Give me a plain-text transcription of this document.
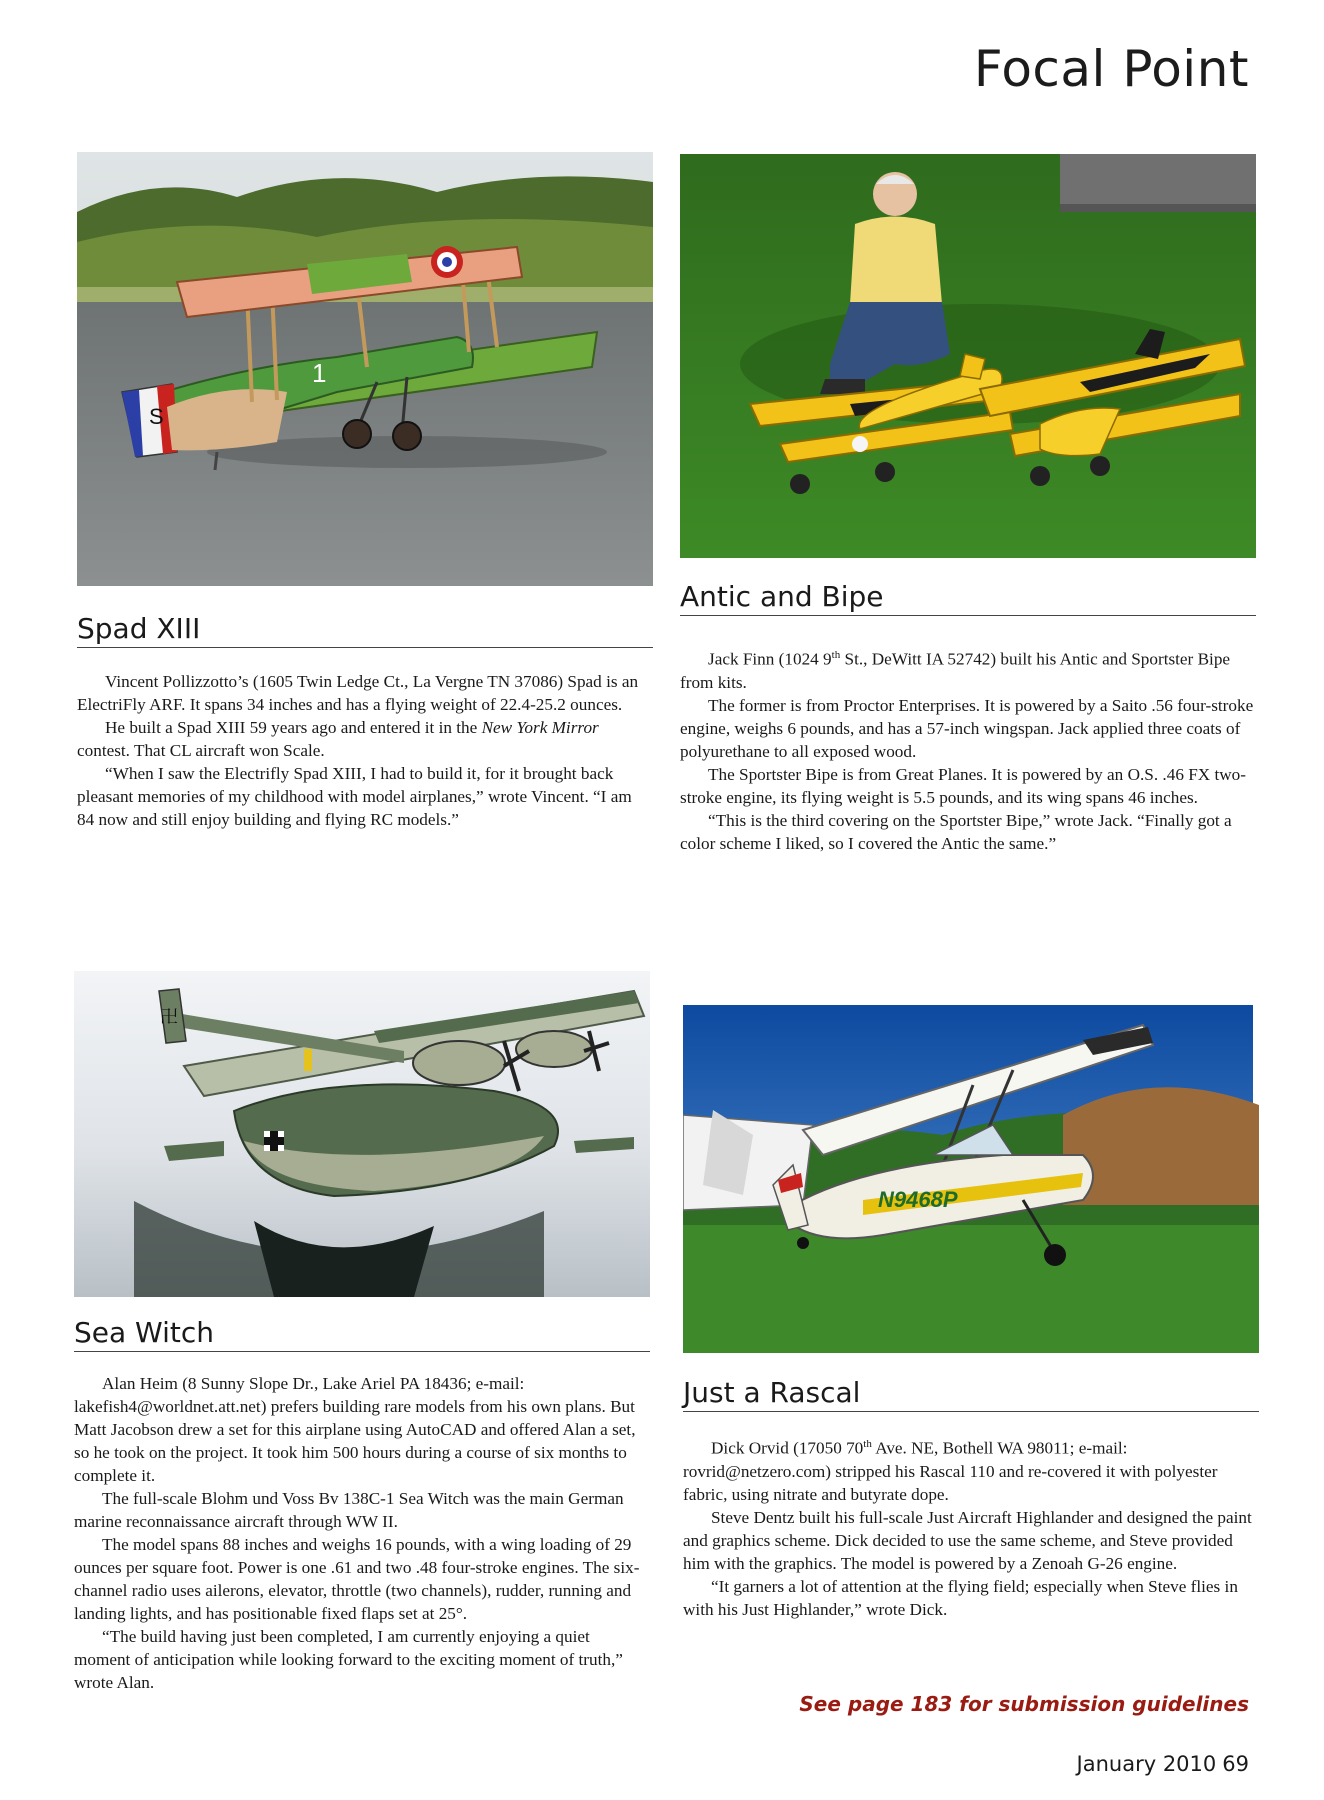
Focal Point
S
1
卍
N9468P
Spad XIII
Antic and Bipe
Sea Witch
Just a Rascal

Vincent Pollizzotto’s (1605 Twin Ledge Ct., La Vergne TN 37086) Spad is an ElectriFly ARF. It spans 34 inches and has a flying weight of 22.4-25.2 ounces.

He built a Spad XIII 59 years ago and entered it in the New York Mirror contest. That CL aircraft won Scale.

“When I saw the Electrifly Spad XIII, I had to build it, for it brought back pleasant memories of my childhood with model airplanes,” wrote Vincent. “I am 84 now and still enjoy building and flying RC models.”

Jack Finn (1024 9th St., DeWitt IA 52742) built his Antic and Sportster Bipe from kits.

The former is from Proctor Enterprises. It is powered by a Saito .56 four-stroke engine, weighs 6 pounds, and has a 57-inch wingspan. Jack applied three coats of polyurethane to all exposed wood.

The Sportster Bipe is from Great Planes. It is powered by an O.S. .46 FX two-stroke engine, its flying weight is 5.5 pounds, and its wing spans 46 inches.

“This is the third covering on the Sportster Bipe,” wrote Jack. “Finally got a color scheme I liked, so I covered the Antic the same.”

Alan Heim (8 Sunny Slope Dr., Lake Ariel PA 18436; e-mail: lakefish4@worldnet.att.net) prefers building rare models from his own plans. But Matt Jacobson drew a set for this airplane using AutoCAD and offered Alan a set, so he took on the project. It took him 500 hours during a course of six months to complete it.

The full-scale Blohm und Voss Bv 138C-1 Sea Witch was the main German marine reconnaissance aircraft through WW II.

The model spans 88 inches and weighs 16 pounds, with a wing loading of 29 ounces per square foot. Power is one .61 and two .48 four-stroke engines. The six-channel radio uses ailerons, elevator, throttle (two channels), rudder, running and landing lights, and has positionable fixed flaps set at 25°.

“The build having just been completed, I am currently enjoying a quiet moment of anticipation while looking forward to the exciting moment of truth,” wrote Alan.

Dick Orvid (17050 70th Ave. NE, Bothell WA 98011; e-mail: rovrid@netzero.com) stripped his Rascal 110 and re-covered it with polyester fabric, using nitrate and butyrate dope.

Steve Dentz built his full-scale Just Aircraft Highlander and designed the paint and graphics scheme. Dick decided to use the same scheme, and Steve provided him with the graphics. The model is powered by a Zenoah G-26 engine.

“It garners a lot of attention at the flying field; especially when Steve flies in with his Just Highlander,” wrote Dick.

See page 183 for submission guidelines
January 2010 69
